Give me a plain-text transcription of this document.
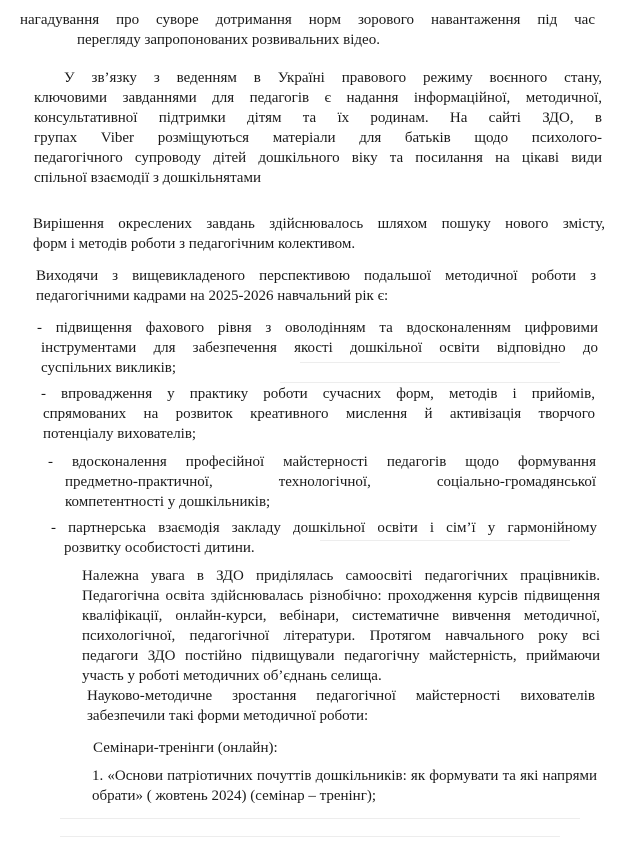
нагадування про суворе дотримання норм зорового навантаження під час
перегляду запропонованих розвивальних відео.
У зв’язку з веденням в Україні правового режиму воєнного стану,
ключовими завданнями для педагогів є надання інформаційної, методичної,
консультативної підтримки дітям та їх родинам. На сайті ЗДО, в
групах Viber розміщуються матеріали для батьків щодо психолого-
педагогічного супроводу дітей дошкільного віку та посилання на цікаві види
спільної взаємодії з дошкільнятами
Вирішення окреслених завдань здійснювалось шляхом пошуку нового змісту,
форм і методів роботи з педагогічним колективом.
Виходячи з вищевикладеного перспективою подальшої методичної роботи з
педагогічними кадрами на 2025-2026 навчальний рік є:
- підвищення фахового рівня з оволодінням та вдосконаленням цифровими
інструментами для забезпечення якості дошкільної освіти відповідно до
суспільних викликів;
- впровадження у практику роботи сучасних форм, методів і прийомів,
спрямованих на розвиток креативного мислення й активізація творчого
потенціалу вихователів;
- вдосконалення професійної майстерності педагогів щодо формування
предметно-практичної, технологічної, соціально-громадянської
компетентності у дошкільників;
- партнерська взаємодія закладу дошкільної освіти і сім’ї у гармонійному
розвитку особистості дитини.
Належна увага в ЗДО приділялась самоосвіті педагогічних працівників.
Педагогічна освіта здійснювалась різнобічно: проходження курсів підвищення
кваліфікації, онлайн-курси, вебінари, систематичне вивчення методичної,
психологічної, педагогічної літератури. Протягом навчального року всі
педагоги ЗДО постійно підвищували педагогічну майстерність, приймаючи
участь у роботі методичних об’єднань селища.
Науково-методичне зростання педагогічної майстерності вихователів
забезпечили такі форми методичної роботи:
Семінари-тренінги (онлайн):
1. «Основи патріотичних почуттів дошкільників: як формувати та які напрями
обрати» ( жовтень 2024) (семінар – тренінг);
